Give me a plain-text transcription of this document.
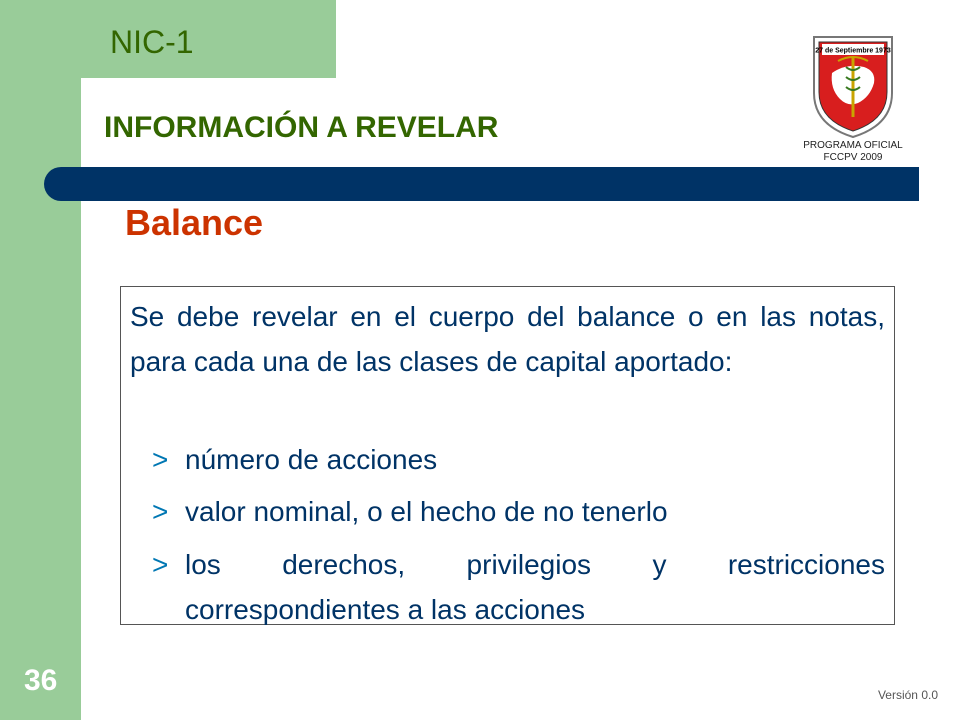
NIC-1
INFORMACIÓN A REVELAR
27 de Septiembre 1973
PROGRAMA OFICIAL
FCCPV 2009
Balance
Se debe revelar en el cuerpo del balance o en las notas, para cada una de las clases de capital aportado:
> número de acciones
> valor nominal, o el hecho de no tenerlo
> los derechos, privilegios y restricciones correspondientes a las acciones
36	Versión 0.0
